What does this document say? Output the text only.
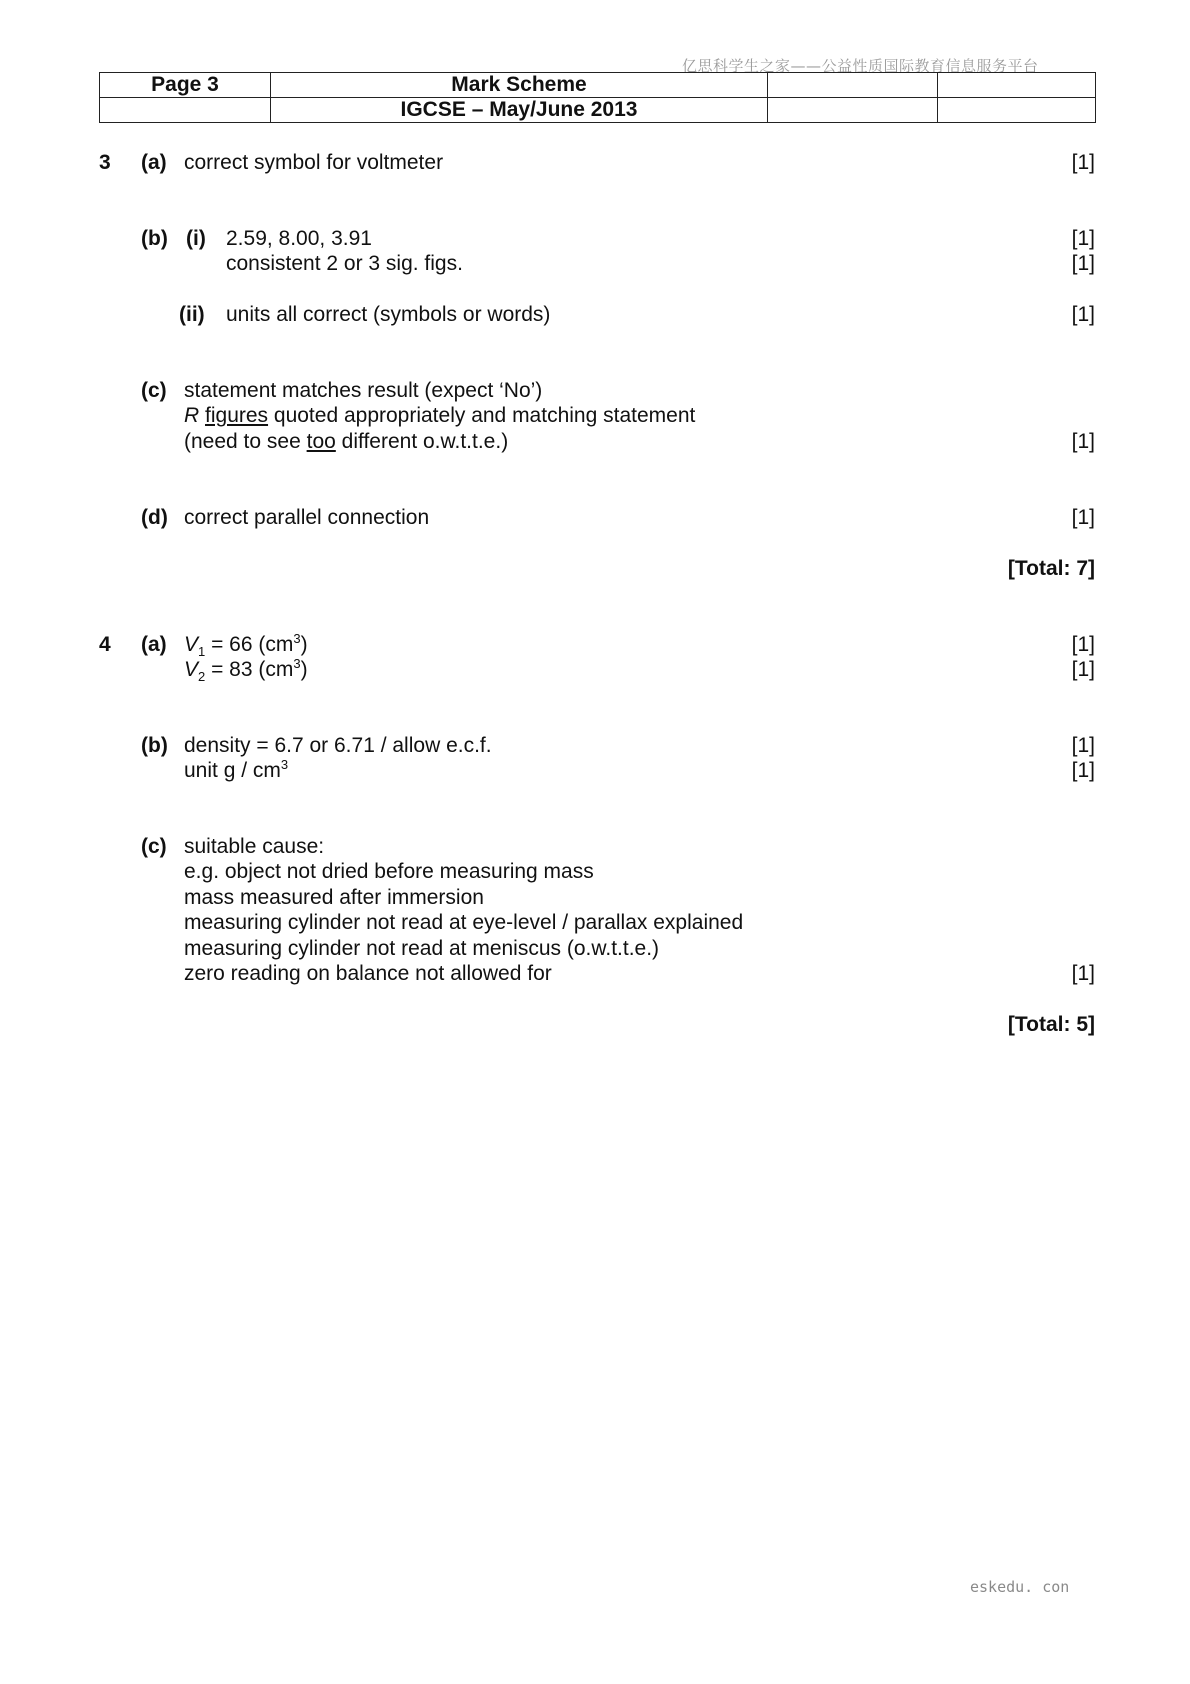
亿思科学生之家——公益性质国际教育信息服务平台
Page 3	Mark Scheme		
	IGCSE – May/June 2013		
3 (a) correct symbol for voltmeter	[1]
(b) (i) 2.59, 8.00, 3.91	[1]
consistent 2 or 3 sig. figs.	[1]
(ii) units all correct (symbols or words)	[1]
(c) statement matches result (expect ‘No’)
R figures quoted appropriately and matching statement
(need to see too different o.w.t.t.e.)	[1]
(d) correct parallel connection	[1]
[Total: 7]
4 (a) $V_1 = 66$ $(cm^3)$	[1]
$V_2 = 83$ $(cm^3)$	[1]
(b) density = 6.7 or 6.71 / allow e.c.f.	[1]
unit g / $cm^3$	[1]
(c) suitable cause:
e.g. object not dried before measuring mass
mass measured after immersion
measuring cylinder not read at eye-level / parallax explained
measuring cylinder not read at meniscus (o.w.t.t.e.)
zero reading on balance not allowed for	[1]
[Total: 5]
eskedu. con
